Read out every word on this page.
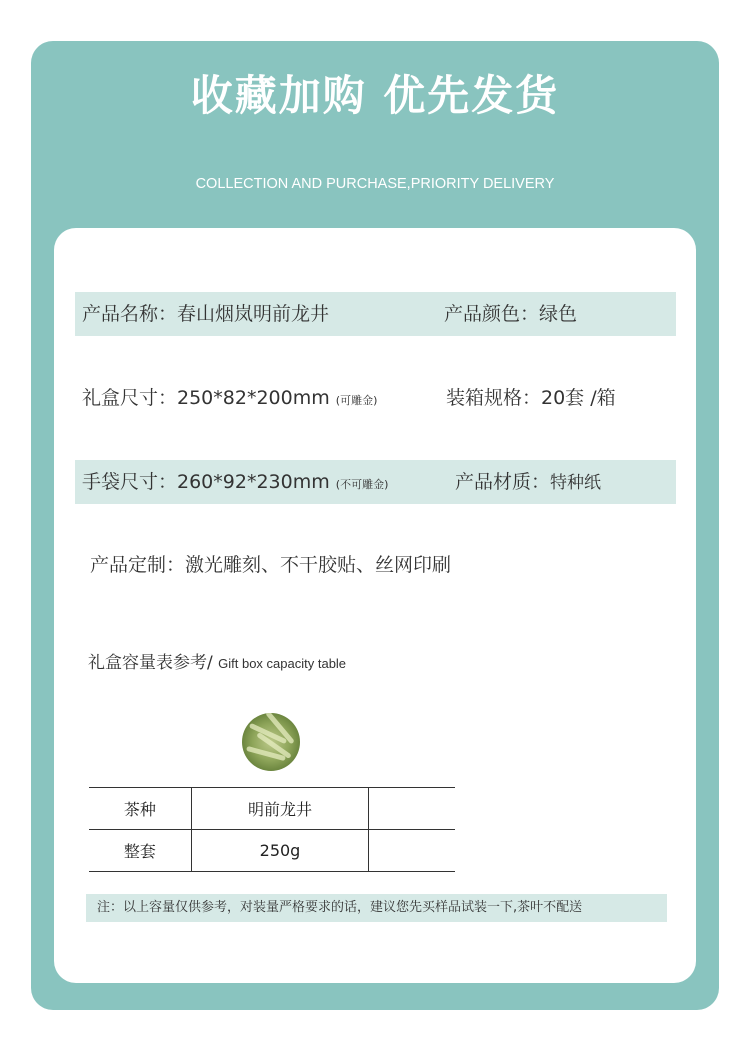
收藏加购 优先发货
COLLECTION AND PURCHASE,PRIORITY DELIVERY
产品名称：春山烟岚明前龙井	产品颜色：绿色
礼盒尺寸：250*82*200mm (可雕金)	装箱规格：20套 /箱
手袋尺寸：260*92*230mm (不可雕金)	产品材质：特种纸
产品定制：激光雕刻、不干胶贴、丝网印刷
礼盒容量表参考/ Gift box capacity table
茶种	明前龙井	
整套	250g	
注：以上容量仅供参考，对装量严格要求的话，建议您先买样品试装一下,茶叶不配送
